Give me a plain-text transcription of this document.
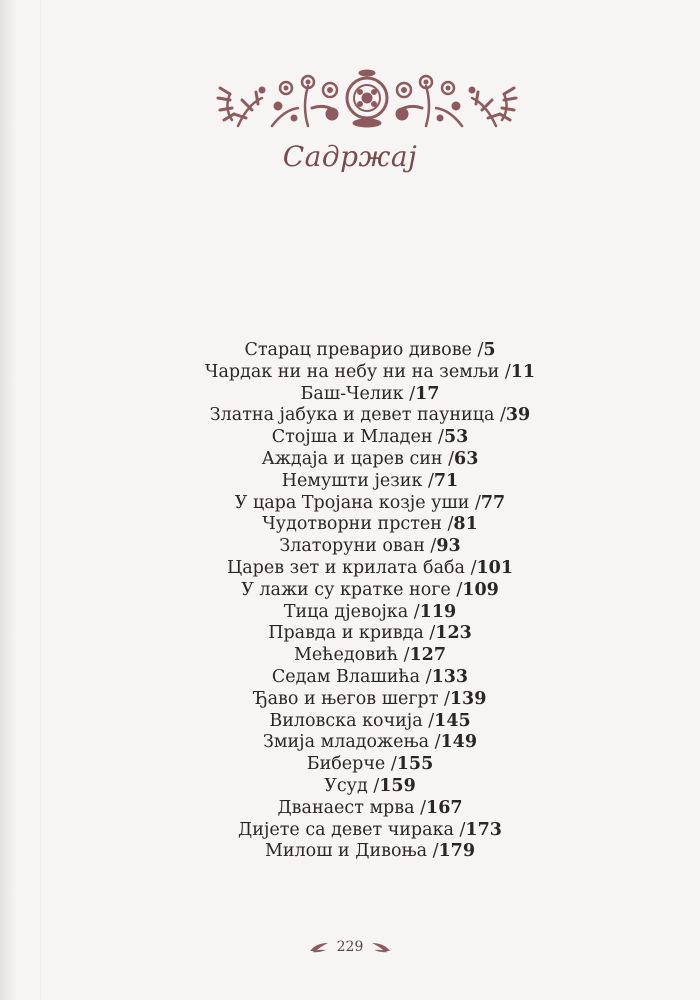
Садржај
Старац преварио дивове /5
Чардак ни на небу ни на земљи /11
Баш-Челик /17
Златна јабука и девет пауница /39
Стојша и Младен /53
Аждаја и царев син /63
Немушти језик /71
У цара Тројана козје уши /77
Чудотворни прстен /81
Златоруни ован /93
Царев зет и крилата баба /101
У лажи су кратке ноге /109
Тица дјевојка /119
Правда и кривда /123
Мећедовић /127
Седам Влашића /133
Ђаво и његов шегрт /139
Виловска кочија /145
Змија младожења /149
Биберче /155
Усуд /159
Дванаест мрва /167
Дијете са девет чирака /173
Милош и Дивоња /179
229
